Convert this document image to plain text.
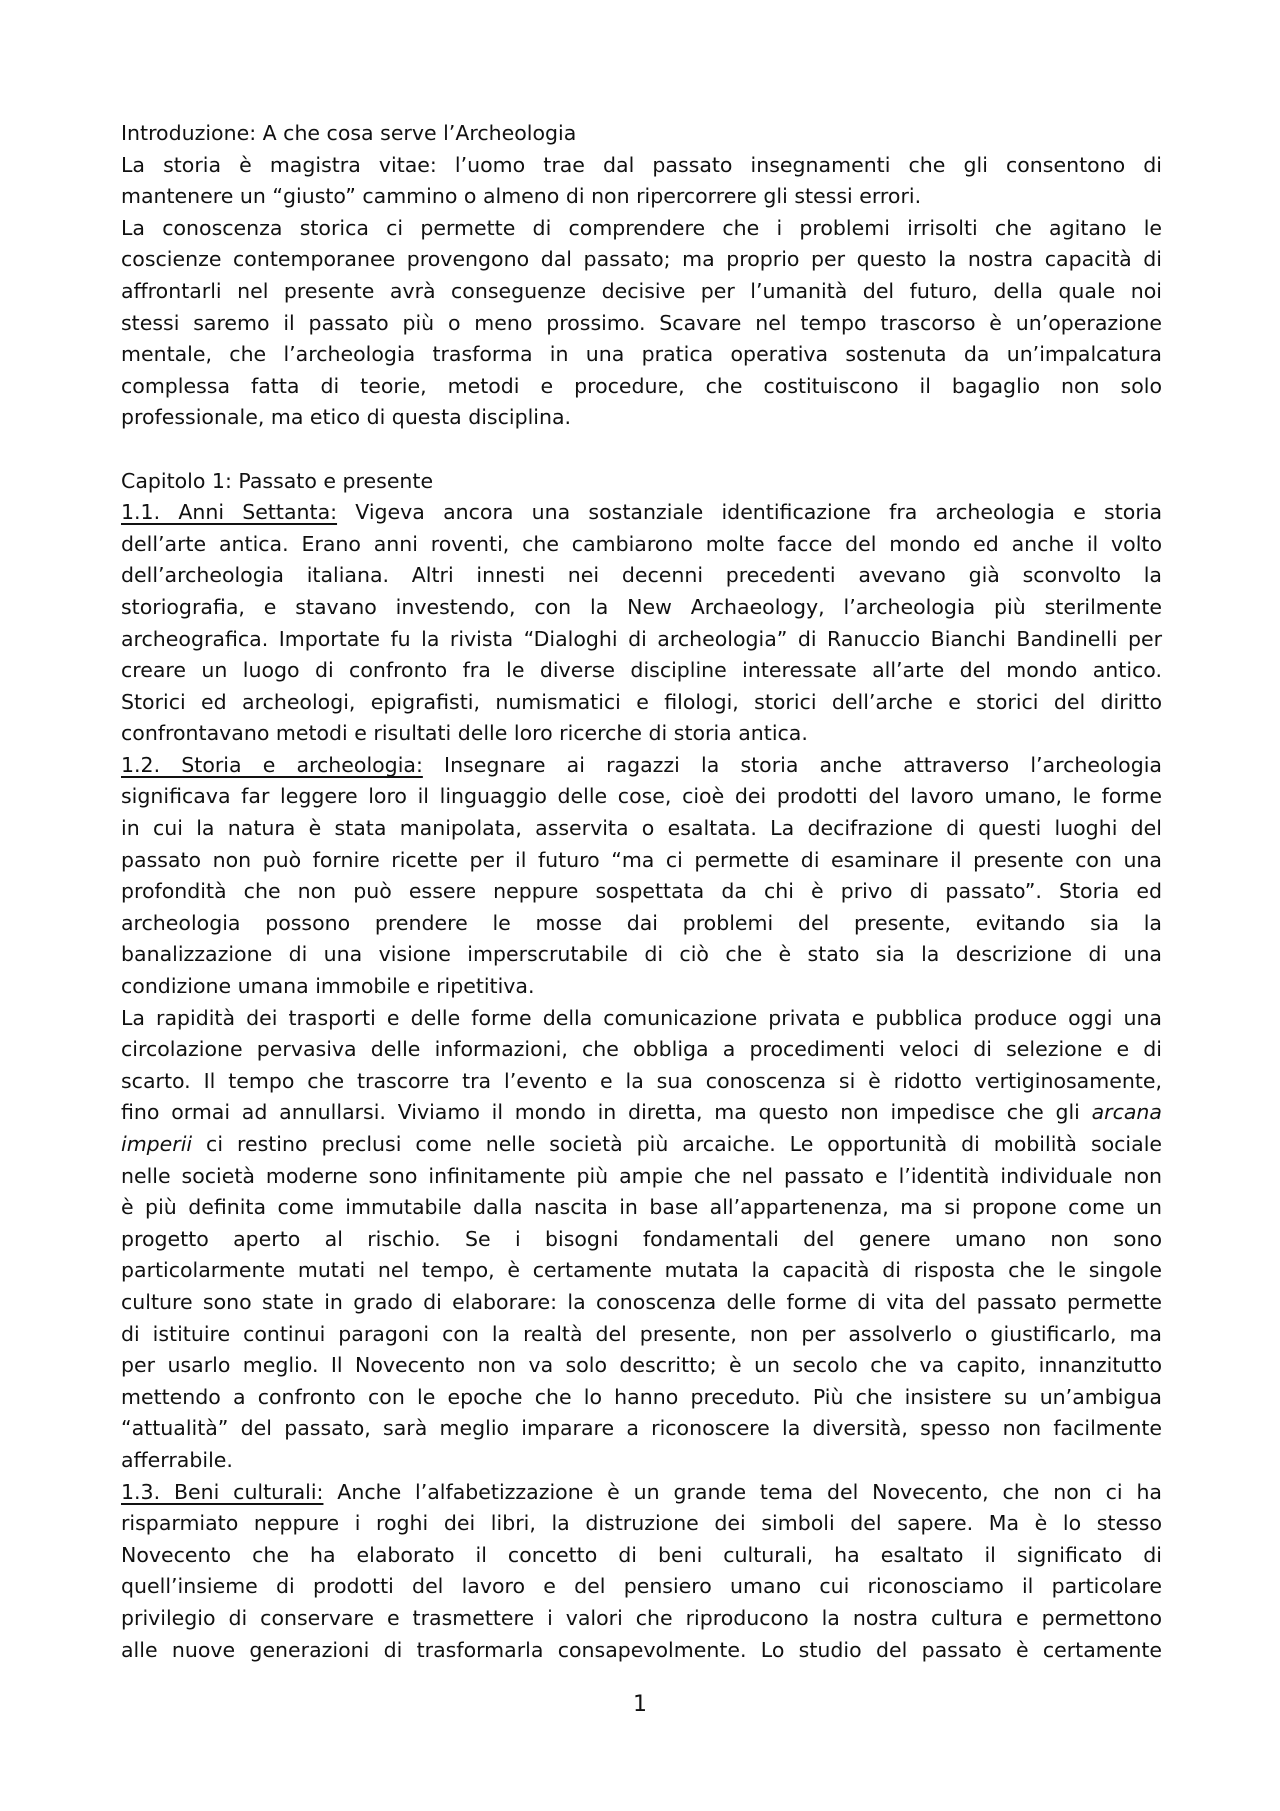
Introduzione: A che cosa serve l’Archeologia
La storia è magistra vitae: l’uomo trae dal passato insegnamenti che gli consentono di
mantenere un “giusto” cammino o almeno di non ripercorrere gli stessi errori.
La conoscenza storica ci permette di comprendere che i problemi irrisolti che agitano le
coscienze contemporanee provengono dal passato; ma proprio per questo la nostra capacità di
affrontarli nel presente avrà conseguenze decisive per l’umanità del futuro, della quale noi
stessi saremo il passato più o meno prossimo. Scavare nel tempo trascorso è un’operazione
mentale, che l’archeologia trasforma in una pratica operativa sostenuta da un’impalcatura
complessa fatta di teorie, metodi e procedure, che costituiscono il bagaglio non solo
professionale, ma etico di questa disciplina.
Capitolo 1: Passato e presente
1.1. Anni Settanta: Vigeva ancora una sostanziale identificazione fra archeologia e storia
dell’arte antica. Erano anni roventi, che cambiarono molte facce del mondo ed anche il volto
dell’archeologia italiana. Altri innesti nei decenni precedenti avevano già sconvolto la
storiografia, e stavano investendo, con la New Archaeology, l’archeologia più sterilmente
archeografica. Importate fu la rivista “Dialoghi di archeologia” di Ranuccio Bianchi Bandinelli per
creare un luogo di confronto fra le diverse discipline interessate all’arte del mondo antico.
Storici ed archeologi, epigrafisti, numismatici e filologi, storici dell’arche e storici del diritto
confrontavano metodi e risultati delle loro ricerche di storia antica.
1.2. Storia e archeologia: Insegnare ai ragazzi la storia anche attraverso l’archeologia
significava far leggere loro il linguaggio delle cose, cioè dei prodotti del lavoro umano, le forme
in cui la natura è stata manipolata, asservita o esaltata. La decifrazione di questi luoghi del
passato non può fornire ricette per il futuro “ma ci permette di esaminare il presente con una
profondità che non può essere neppure sospettata da chi è privo di passato”. Storia ed
archeologia possono prendere le mosse dai problemi del presente, evitando sia la
banalizzazione di una visione imperscrutabile di ciò che è stato sia la descrizione di una
condizione umana immobile e ripetitiva.
La rapidità dei trasporti e delle forme della comunicazione privata e pubblica produce oggi una
circolazione pervasiva delle informazioni, che obbliga a procedimenti veloci di selezione e di
scarto. Il tempo che trascorre tra l’evento e la sua conoscenza si è ridotto vertiginosamente,
fino ormai ad annullarsi. Viviamo il mondo in diretta, ma questo non impedisce che gli arcana
imperii ci restino preclusi come nelle società più arcaiche. Le opportunità di mobilità sociale
nelle società moderne sono infinitamente più ampie che nel passato e l’identità individuale non
è più definita come immutabile dalla nascita in base all’appartenenza, ma si propone come un
progetto aperto al rischio. Se i bisogni fondamentali del genere umano non sono
particolarmente mutati nel tempo, è certamente mutata la capacità di risposta che le singole
culture sono state in grado di elaborare: la conoscenza delle forme di vita del passato permette
di istituire continui paragoni con la realtà del presente, non per assolverlo o giustificarlo, ma
per usarlo meglio. Il Novecento non va solo descritto; è un secolo che va capito, innanzitutto
mettendo a confronto con le epoche che lo hanno preceduto. Più che insistere su un’ambigua
“attualità” del passato, sarà meglio imparare a riconoscere la diversità, spesso non facilmente
afferrabile.
1.3. Beni culturali: Anche l’alfabetizzazione è un grande tema del Novecento, che non ci ha
risparmiato neppure i roghi dei libri, la distruzione dei simboli del sapere. Ma è lo stesso
Novecento che ha elaborato il concetto di beni culturali, ha esaltato il significato di
quell’insieme di prodotti del lavoro e del pensiero umano cui riconosciamo il particolare
privilegio di conservare e trasmettere i valori che riproducono la nostra cultura e permettono
alle nuove generazioni di trasformarla consapevolmente. Lo studio del passato è certamente
1
